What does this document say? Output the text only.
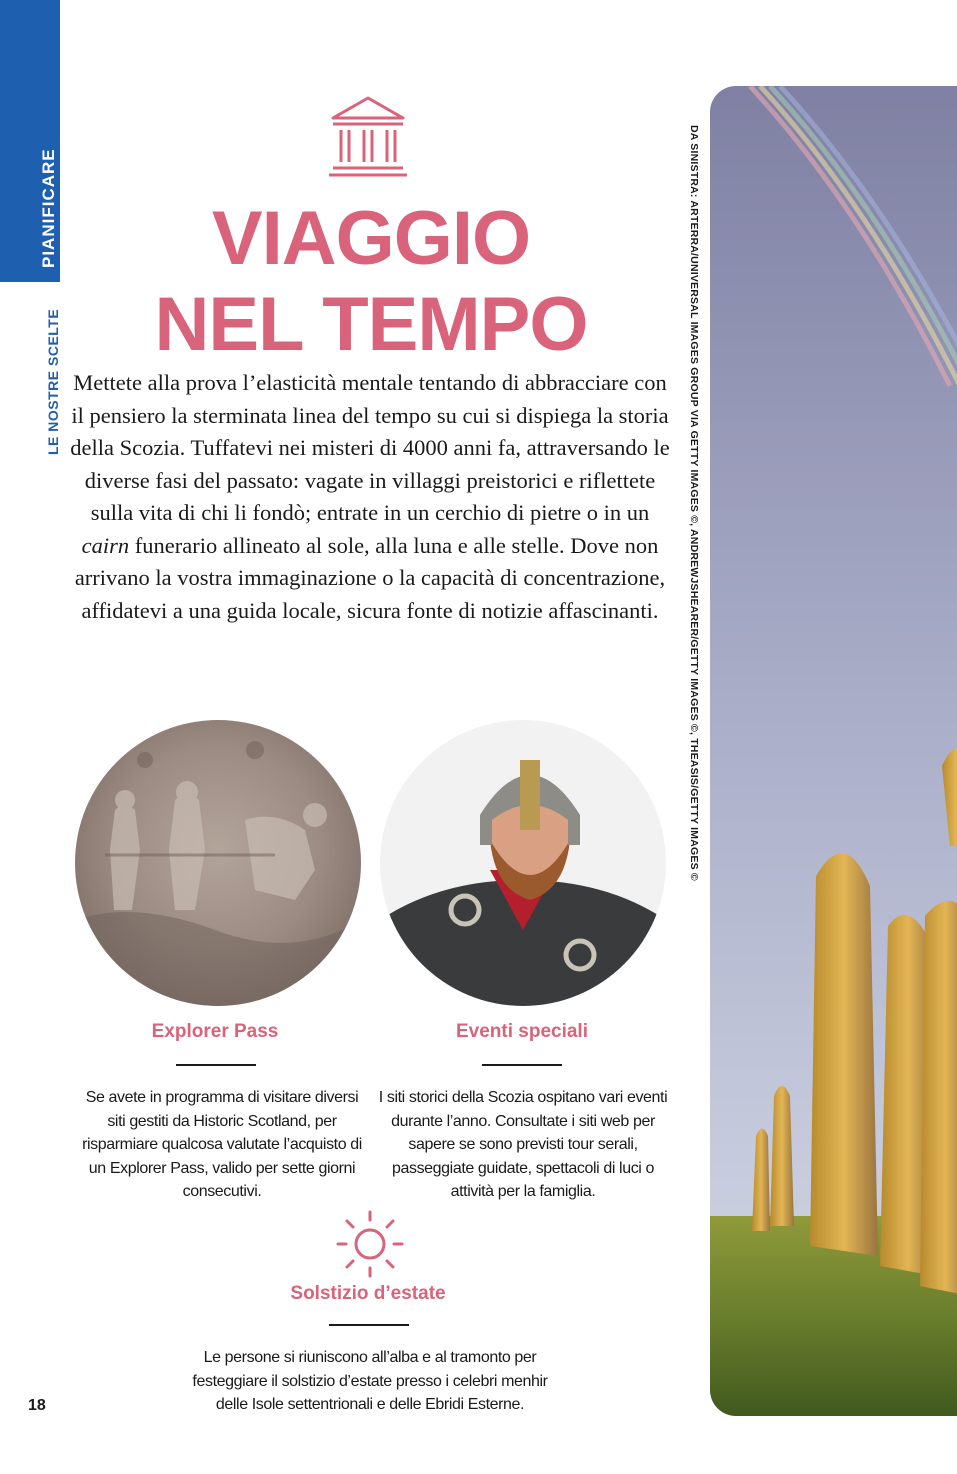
PIANIFICARE
LE NOSTRE SCELTE
18
VIAGGIO
NEL TEMPO

Mettete alla prova l’elasticità mentale tentando di abbracciare con il pensiero la sterminata linea del tempo su cui si dispiega la storia della Scozia. Tuffatevi nei misteri di 4000 anni fa, attraversando le diverse fasi del passato: vagate in villaggi preistorici e riflettete sulla vita di chi li fondò; entrate in un cerchio di pietre o in un cairn funerario allineato al sole, alla luna e alle stelle. Dove non arrivano la vostra immaginazione o la capacità di concentrazione, affidatevi a una guida locale, sicura fonte di notizie affascinanti.

Explorer Pass

Se avete in programma di visitare diversi siti gestiti da Historic Scotland, per risparmiare qualcosa valutate l’acquisto di un Explorer Pass, valido per sette giorni consecutivi.

Eventi speciali

I siti storici della Scozia ospitano vari eventi durante l’anno. Consultate i siti web per sapere se sono previsti tour serali, passeggiate guidate, spettacoli di luci o attività per la famiglia.

Solstizio d’estate

Le persone si riuniscono all’alba e al tramonto per festeggiare il solstizio d’estate presso i celebri menhir delle Isole settentrionali e delle Ebridi Esterne.

DA SINISTRA: ARTERRA/UNIVERSAL IMAGES GROUP VIA GETTY IMAGES ©, ANDREWJSHEARER/GETTY IMAGES ©, THEASIS/GETTY IMAGES ©
